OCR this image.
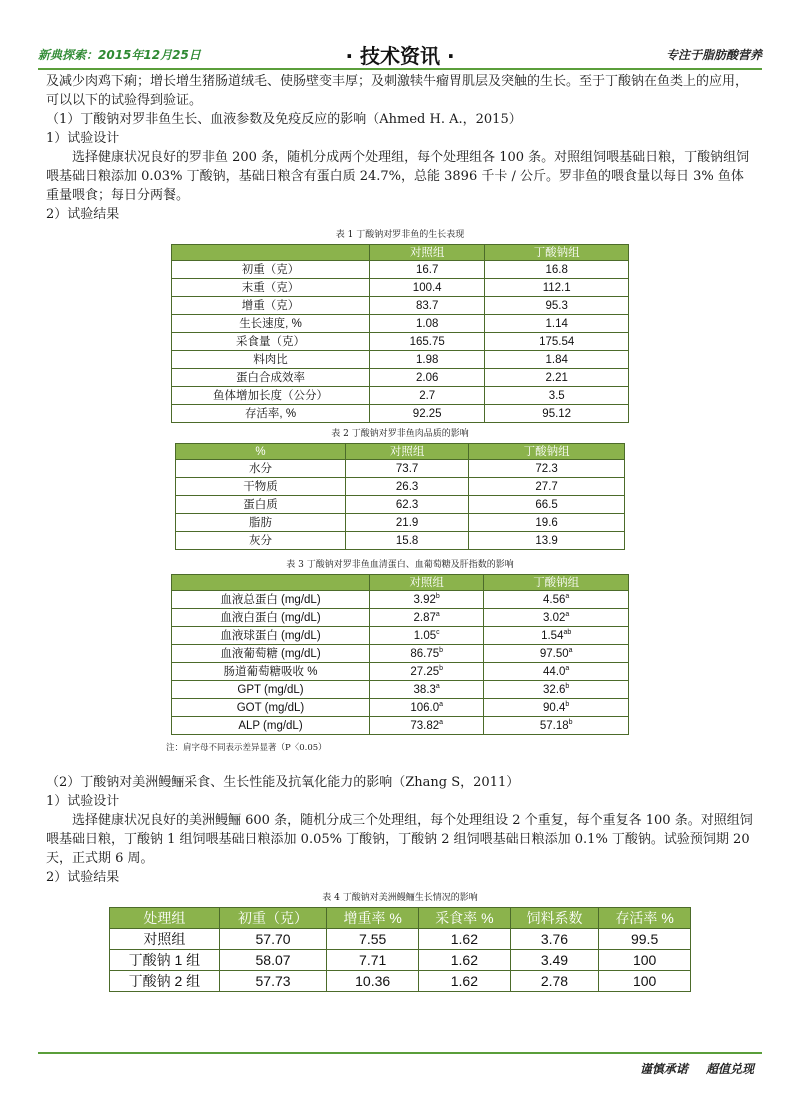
新典探索：2015年12月25日	· 技术资讯 ·	专注于脂肪酸营养

及减少肉鸡下痢；增长增生猪肠道绒毛、使肠壁变丰厚；及刺激犊牛瘤胃肌层及突触的生长。至于丁酸钠在鱼类上的应用，可以以下的试验得到验证。

（1）丁酸钠对罗非鱼生长、血液参数及免疫反应的影响（Ahmed H. A.，2015）

1）试验设计

选择健康状况良好的罗非鱼 200 条，随机分成两个处理组，每个处理组各 100 条。对照组饲喂基础日粮，丁酸钠组饲喂基础日粮添加 0.03% 丁酸钠，基础日粮含有蛋白质 24.7%，总能 3896 千卡 / 公斤。罗非鱼的喂食量以每日 3% 鱼体重量喂食；每日分两餐。

2）试验结果

表 1 丁酸钠对罗非鱼的生长表现
	对照组	丁酸钠组
初重（克）	16.7	16.8
末重（克）	100.4	112.1
增重（克）	83.7	95.3
生长速度, %	1.08	1.14
采食量（克）	165.75	175.54
料肉比	1.98	1.84
蛋白合成效率	2.06	2.21
鱼体增加长度（公分）	2.7	3.5
存活率, %	92.25	95.12
表 2 丁酸钠对罗非鱼肉品质的影响
%	对照组	丁酸钠组
水分	73.7	72.3
干物质	26.3	27.7
蛋白质	62.3	66.5
脂肪	21.9	19.6
灰分	15.8	13.9
表 3 丁酸钠对罗非鱼血清蛋白、血葡萄糖及肝指数的影响
	对照组	丁酸钠组
血液总蛋白 (mg/dL)	3.92$^b$	4.56$^a$
血液白蛋白 (mg/dL)	2.87$^a$	3.02$^a$
血液球蛋白 (mg/dL)	1.05$^c$	1.54$^{ab}$
血液葡萄糖 (mg/dL)	86.75$^b$	97.50$^a$
肠道葡萄糖吸收 %	27.25$^b$	44.0$^a$
GPT (mg/dL)	38.3$^a$	32.6$^b$
GOT (mg/dL)	106.0$^a$	90.4$^b$
ALP (mg/dL)	73.82$^a$	57.18$^b$
注：肩字母不同表示差异显著（P〈0.05）

（2）丁酸钠对美洲鳗鲡采食、生长性能及抗氧化能力的影响（Zhang S，2011）

1）试验设计

选择健康状况良好的美洲鳗鲡 600 条，随机分成三个处理组，每个处理组设 2 个重复，每个重复各 100 条。对照组饲喂基础日粮，丁酸钠 1 组饲喂基础日粮添加 0.05% 丁酸钠，丁酸钠 2 组饲喂基础日粮添加 0.1% 丁酸钠。试验预饲期 20 天，正式期 6 周。

2）试验结果

表 4 丁酸钠对美洲鳗鲡生长情况的影响
处理组	初重（克）	增重率 %	采食率 %	饲料系数	存活率 %
对照组	57.70	7.55	1.62	3.76	99.5
丁酸钠 1 组	58.07	7.71	1.62	3.49	100
丁酸钠 2 组	57.73	10.36	1.62	2.78	100
谨慎承诺 超值兑现
